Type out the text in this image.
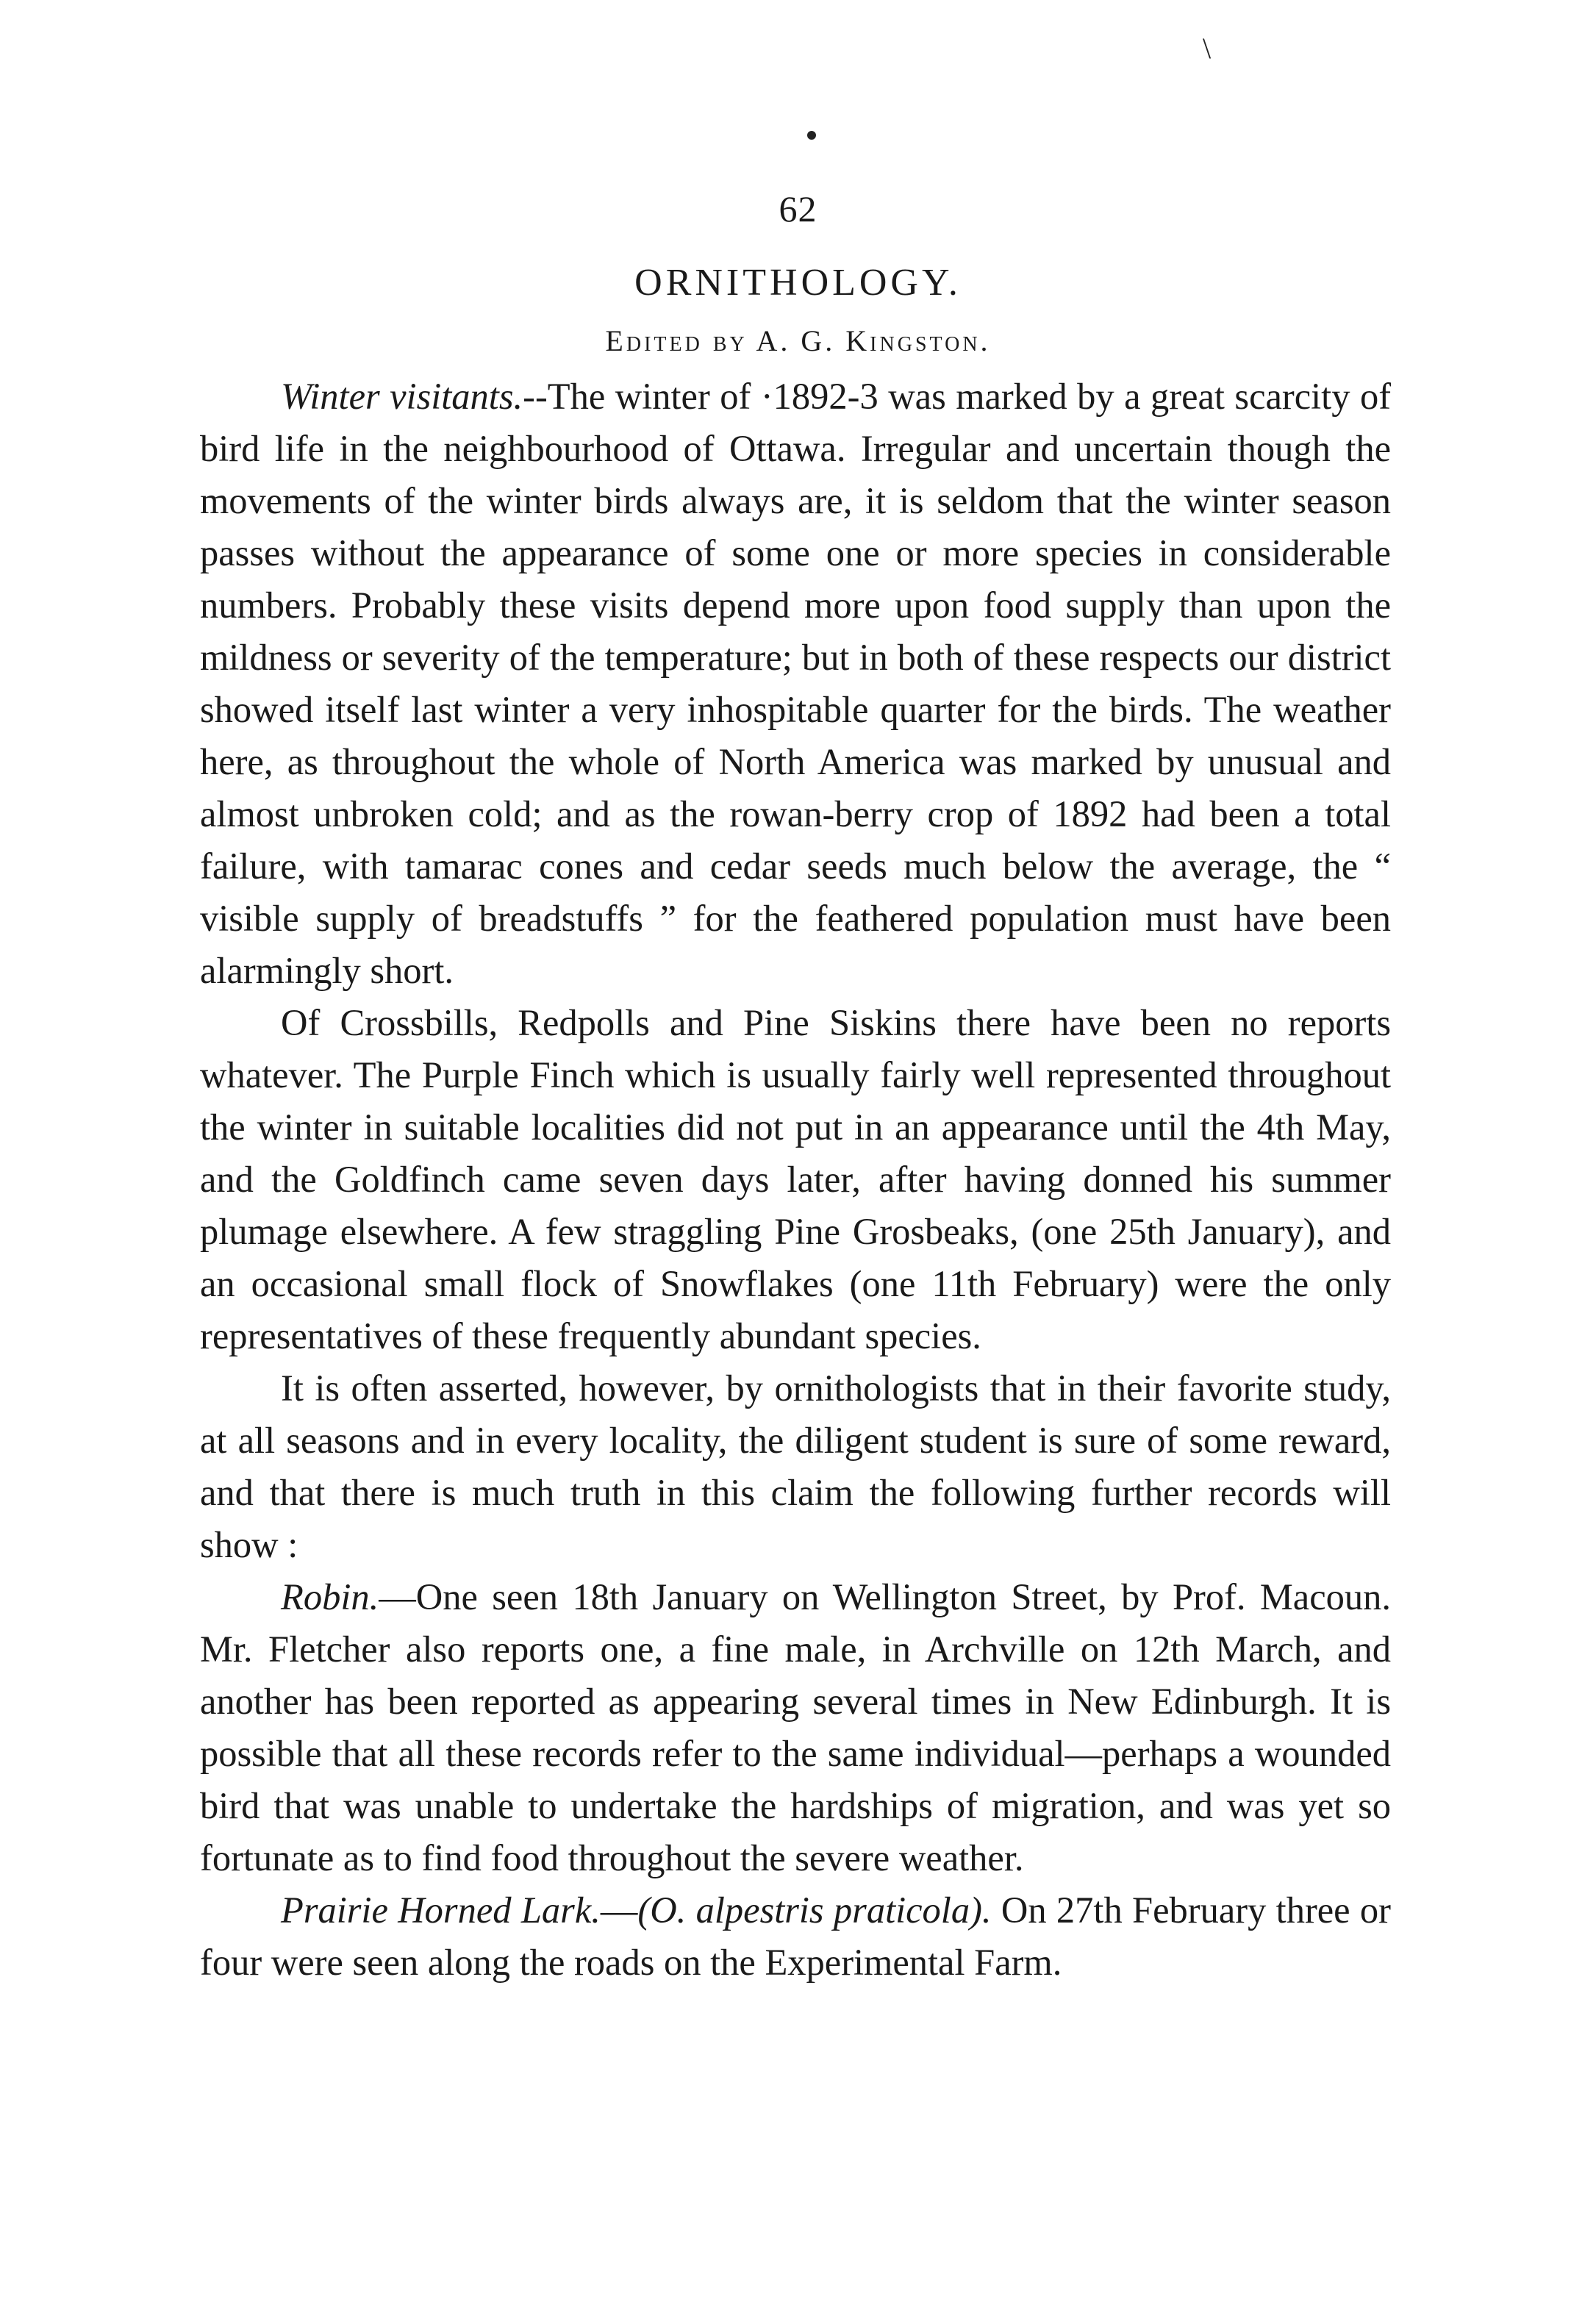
\
62
ORNITHOLOGY.
Edited by A. G. Kingston.

Winter visitants.--The winter of ·1892-3 was marked by a great scarcity of bird life in the neighbourhood of Ottawa. Irregular and uncertain though the movements of the winter birds always are, it is seldom that the winter season passes without the appearance of some one or more species in considerable numbers. Probably these visits depend more upon food supply than upon the mildness or severity of the temperature; but in both of these respects our district showed itself last winter a very inhospitable quarter for the birds. The weather here, as throughout the whole of North America was marked by unusual and almost unbroken cold; and as the rowan-berry crop of 1892 had been a total failure, with tamarac cones and cedar seeds much below the average, the “ visible supply of breadstuffs ” for the feathered population must have been alarmingly short.

Of Crossbills, Redpolls and Pine Siskins there have been no reports whatever. The Purple Finch which is usually fairly well represented throughout the winter in suitable localities did not put in an appearance until the 4th May, and the Goldfinch came seven days later, after having donned his summer plumage elsewhere. A few straggling Pine Grosbeaks, (one 25th January), and an occasional small flock of Snowflakes (one 11th February) were the only representatives of these frequently abundant species.

It is often asserted, however, by ornithologists that in their favorite study, at all seasons and in every locality, the diligent student is sure of some reward, and that there is much truth in this claim the following further records will show :

Robin.—One seen 18th January on Wellington Street, by Prof. Macoun. Mr. Fletcher also reports one, a fine male, in Archville on 12th March, and another has been reported as appearing several times in New Edinburgh. It is possible that all these records refer to the same individual—perhaps a wounded bird that was unable to undertake the hardships of migration, and was yet so fortunate as to find food throughout the severe weather.

Prairie Horned Lark.—(O. alpestris praticola). On 27th February three or four were seen along the roads on the Experimental Farm.
